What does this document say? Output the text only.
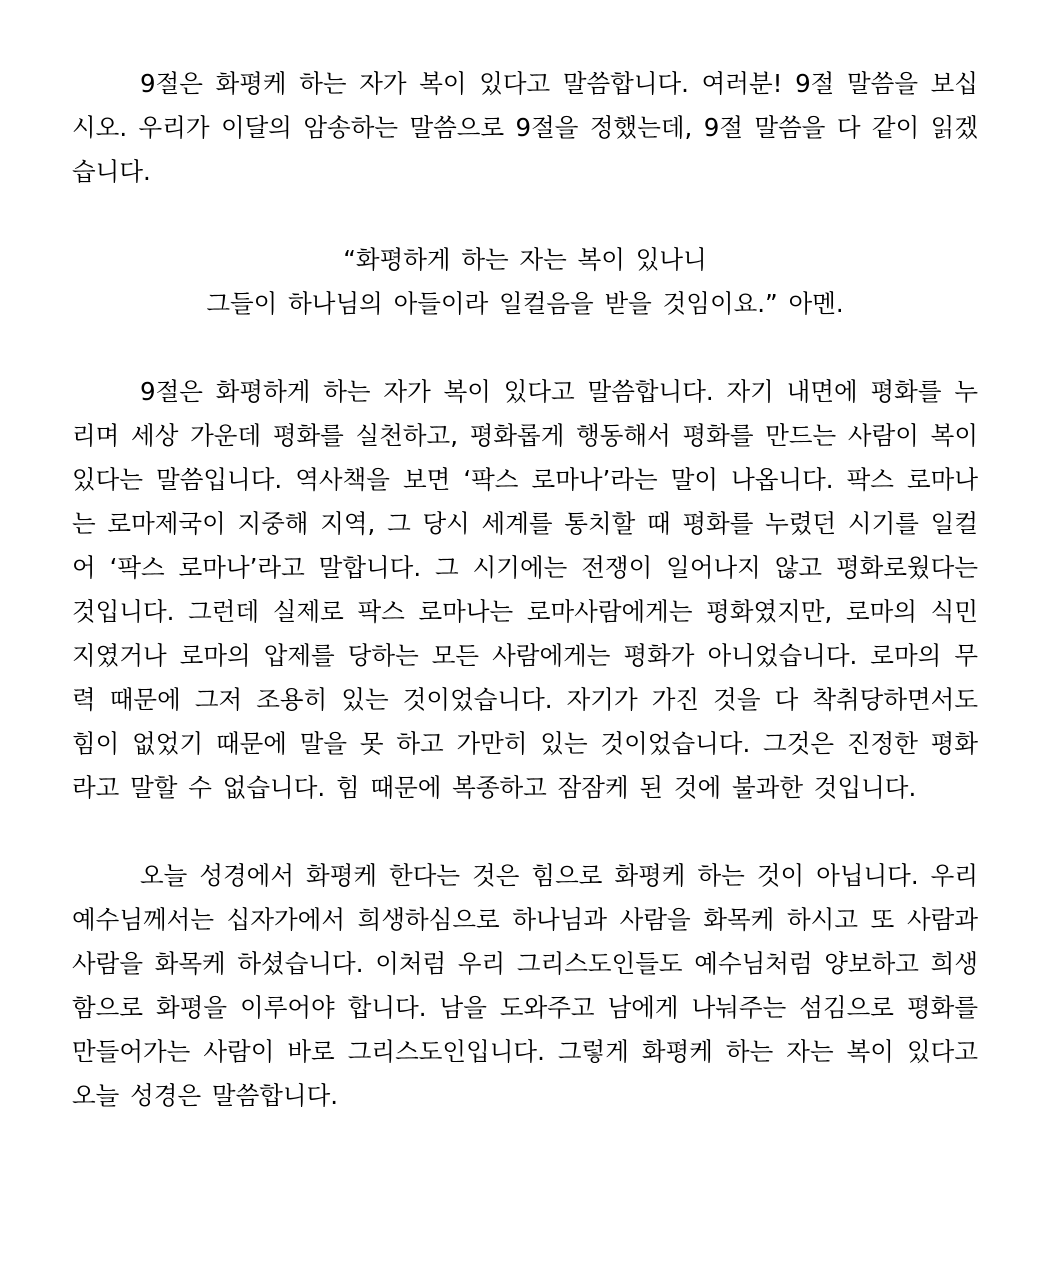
9절은 화평케 하는 자가 복이 있다고 말씀합니다. 여러분! 9절 말씀을 보십시오. 우리가 이달의 암송하는 말씀으로 9절을 정했는데, 9절 말씀을 다 같이 읽겠습니다.

“화평하게 하는 자는 복이 있나니
그들이 하나님의 아들이라 일컬음을 받을 것임이요.” 아멘.

9절은 화평하게 하는 자가 복이 있다고 말씀합니다. 자기 내면에 평화를 누리며 세상 가운데 평화를 실천하고, 평화롭게 행동해서 평화를 만드는 사람이 복이 있다는 말씀입니다. 역사책을 보면 ‘팍스 로마나’라는 말이 나옵니다. 팍스 로마나는 로마제국이 지중해 지역, 그 당시 세계를 통치할 때 평화를 누렸던 시기를 일컬어 ‘팍스 로마나’라고 말합니다. 그 시기에는 전쟁이 일어나지 않고 평화로웠다는 것입니다. 그런데 실제로 팍스 로마나는 로마사람에게는 평화였지만, 로마의 식민지였거나 로마의 압제를 당하는 모든 사람에게는 평화가 아니었습니다. 로마의 무력 때문에 그저 조용히 있는 것이었습니다. 자기가 가진 것을 다 착취당하면서도 힘이 없었기 때문에 말을 못 하고 가만히 있는 것이었습니다. 그것은 진정한 평화라고 말할 수 없습니다. 힘 때문에 복종하고 잠잠케 된 것에 불과한 것입니다.

오늘 성경에서 화평케 한다는 것은 힘으로 화평케 하는 것이 아닙니다. 우리 예수님께서는 십자가에서 희생하심으로 하나님과 사람을 화목케 하시고 또 사람과 사람을 화목케 하셨습니다. 이처럼 우리 그리스도인들도 예수님처럼 양보하고 희생함으로 화평을 이루어야 합니다. 남을 도와주고 남에게 나눠주는 섬김으로 평화를 만들어가는 사람이 바로 그리스도인입니다. 그렇게 화평케 하는 자는 복이 있다고 오늘 성경은 말씀합니다.
